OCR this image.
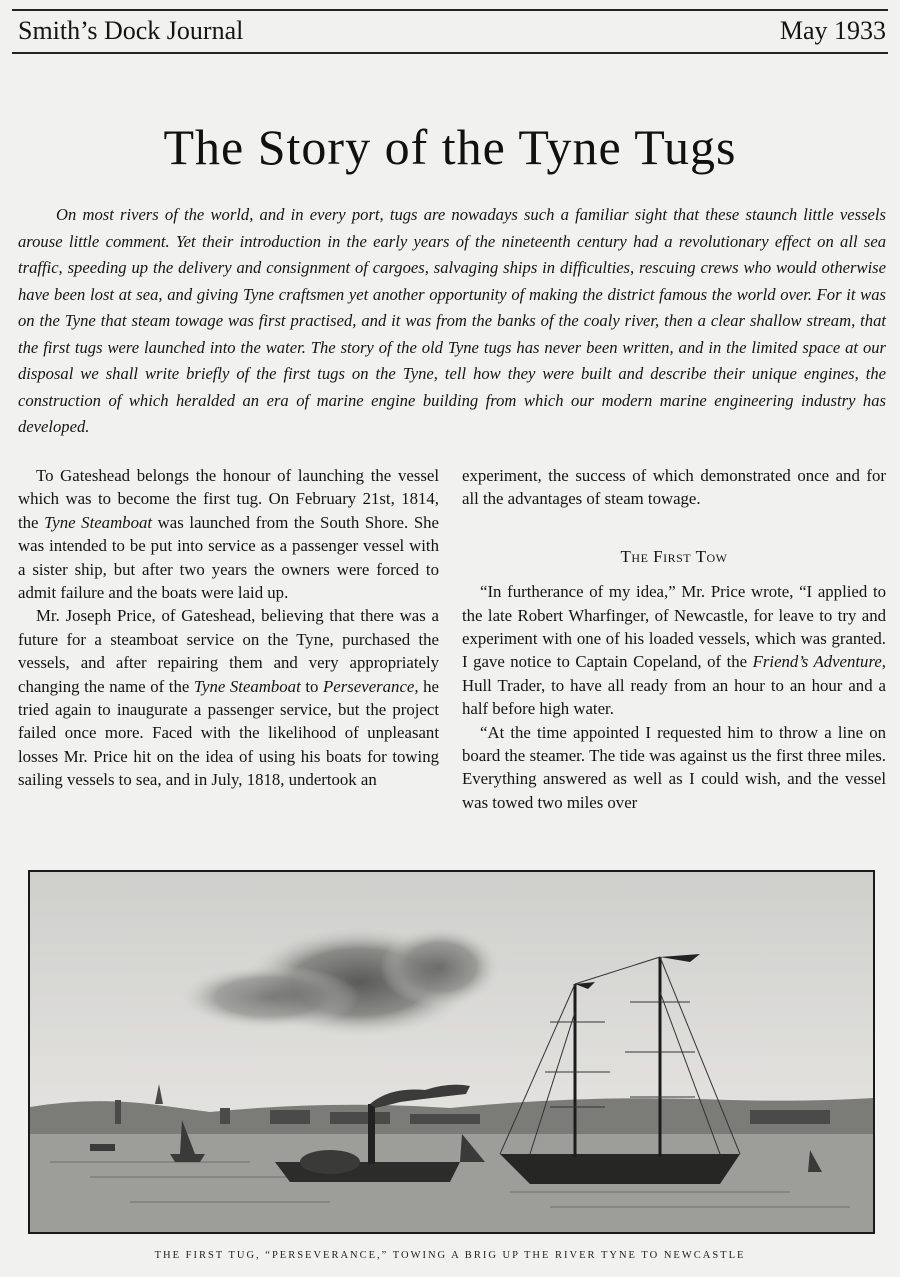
Smith’s Dock Journal	May 1933
The Story of the Tyne Tugs

On most rivers of the world, and in every port, tugs are nowadays such a familiar sight that these staunch little vessels arouse little comment. Yet their introduction in the early years of the nineteenth century had a revolutionary effect on all sea traffic, speeding up the delivery and consignment of cargoes, salvaging ships in difficulties, rescuing crews who would otherwise have been lost at sea, and giving Tyne craftsmen yet another opportunity of making the district famous the world over. For it was on the Tyne that steam towage was first practised, and it was from the banks of the coaly river, then a clear shallow stream, that the first tugs were launched into the water. The story of the old Tyne tugs has never been written, and in the limited space at our disposal we shall write briefly of the first tugs on the Tyne, tell how they were built and describe their unique engines, the construction of which heralded an era of marine engine building from which our modern marine engineering industry has developed.

To Gateshead belongs the honour of launching the vessel which was to become the first tug. On February 21st, 1814, the Tyne Steamboat was launched from the South Shore. She was intended to be put into service as a passenger vessel with a sister ship, but after two years the owners were forced to admit failure and the boats were laid up.

Mr. Joseph Price, of Gateshead, believing that there was a future for a steamboat service on the Tyne, purchased the vessels, and after repairing them and very appropriately changing the name of the Tyne Steamboat to Perseverance, he tried again to inaugurate a passenger service, but the project failed once more. Faced with the likelihood of unpleasant losses Mr. Price hit on the idea of using his boats for towing sailing vessels to sea, and in July, 1818, undertook an

experiment, the success of which demonstrated once and for all the advantages of steam towage.

The First Tow

“In furtherance of my idea,” Mr. Price wrote, “I applied to the late Robert Wharfinger, of Newcastle, for leave to try and experiment with one of his loaded vessels, which was granted. I gave notice to Captain Copeland, of the Friend’s Adventure, Hull Trader, to have all ready from an hour to an hour and a half before high water.

“At the time appointed I requested him to throw a line on board the steamer. The tide was against us the first three miles. Everything answered as well as I could wish, and the vessel was towed two miles over

THE FIRST TUG, “PERSEVERANCE,” TOWING A BRIG UP THE RIVER TYNE TO NEWCASTLE
